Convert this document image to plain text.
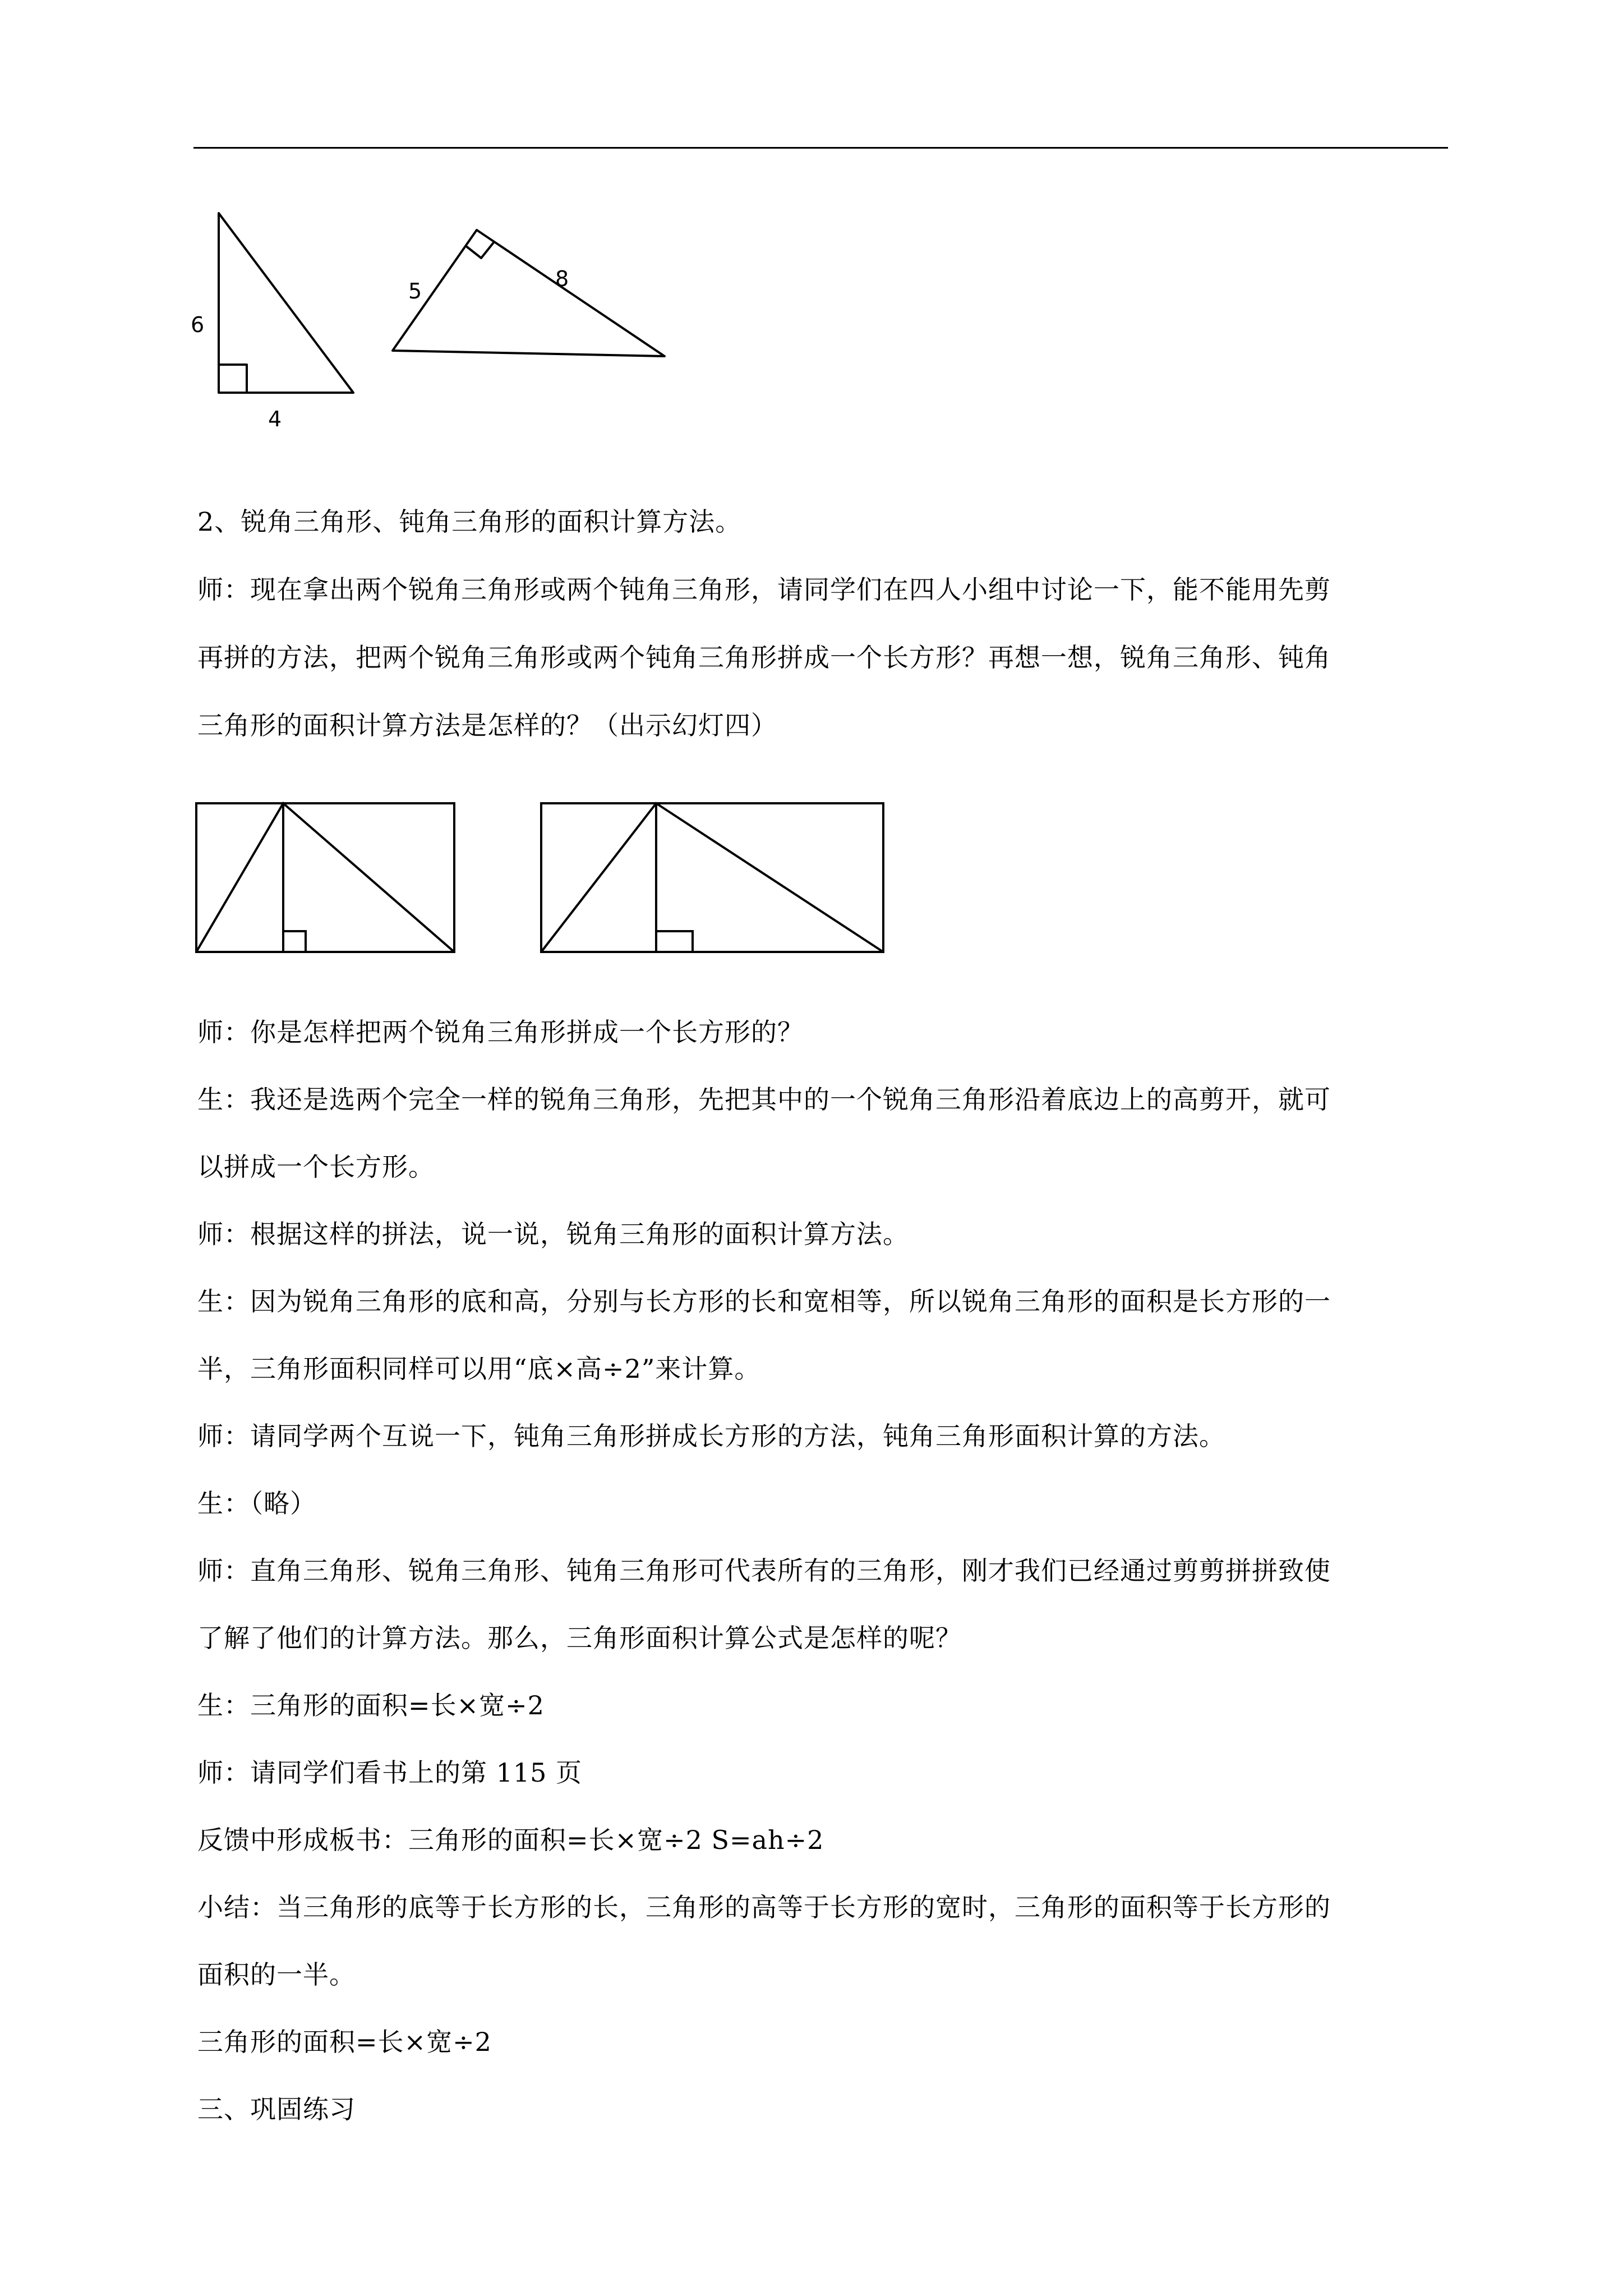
6
4
5	8

2、锐角三角形、钝角三角形的面积计算方法。

师：现在拿出两个锐角三角形或两个钝角三角形，请同学们在四人小组中讨论一下，能不能用先剪

再拼的方法，把两个锐角三角形或两个钝角三角形拼成一个长方形？再想一想，锐角三角形、钝角

三角形的面积计算方法是怎样的？（出示幻灯四）

师：你是怎样把两个锐角三角形拼成一个长方形的？

生：我还是选两个完全一样的锐角三角形，先把其中的一个锐角三角形沿着底边上的高剪开，就可

以拼成一个长方形。

师：根据这样的拼法，说一说，锐角三角形的面积计算方法。

生：因为锐角三角形的底和高，分别与长方形的长和宽相等，所以锐角三角形的面积是长方形的一

半，三角形面积同样可以用“底×高÷2”来计算。

师：请同学两个互说一下，钝角三角形拼成长方形的方法，钝角三角形面积计算的方法。

生：（略）

师：直角三角形、锐角三角形、钝角三角形可代表所有的三角形，刚才我们已经通过剪剪拼拼致使

了解了他们的计算方法。那么，三角形面积计算公式是怎样的呢？

生：三角形的面积=长×宽÷2

师：请同学们看书上的第 115 页

反馈中形成板书：三角形的面积=长×宽÷2 S=ah÷2

小结：当三角形的底等于长方形的长，三角形的高等于长方形的宽时，三角形的面积等于长方形的

面积的一半。

三角形的面积=长×宽÷2

三、巩固练习
